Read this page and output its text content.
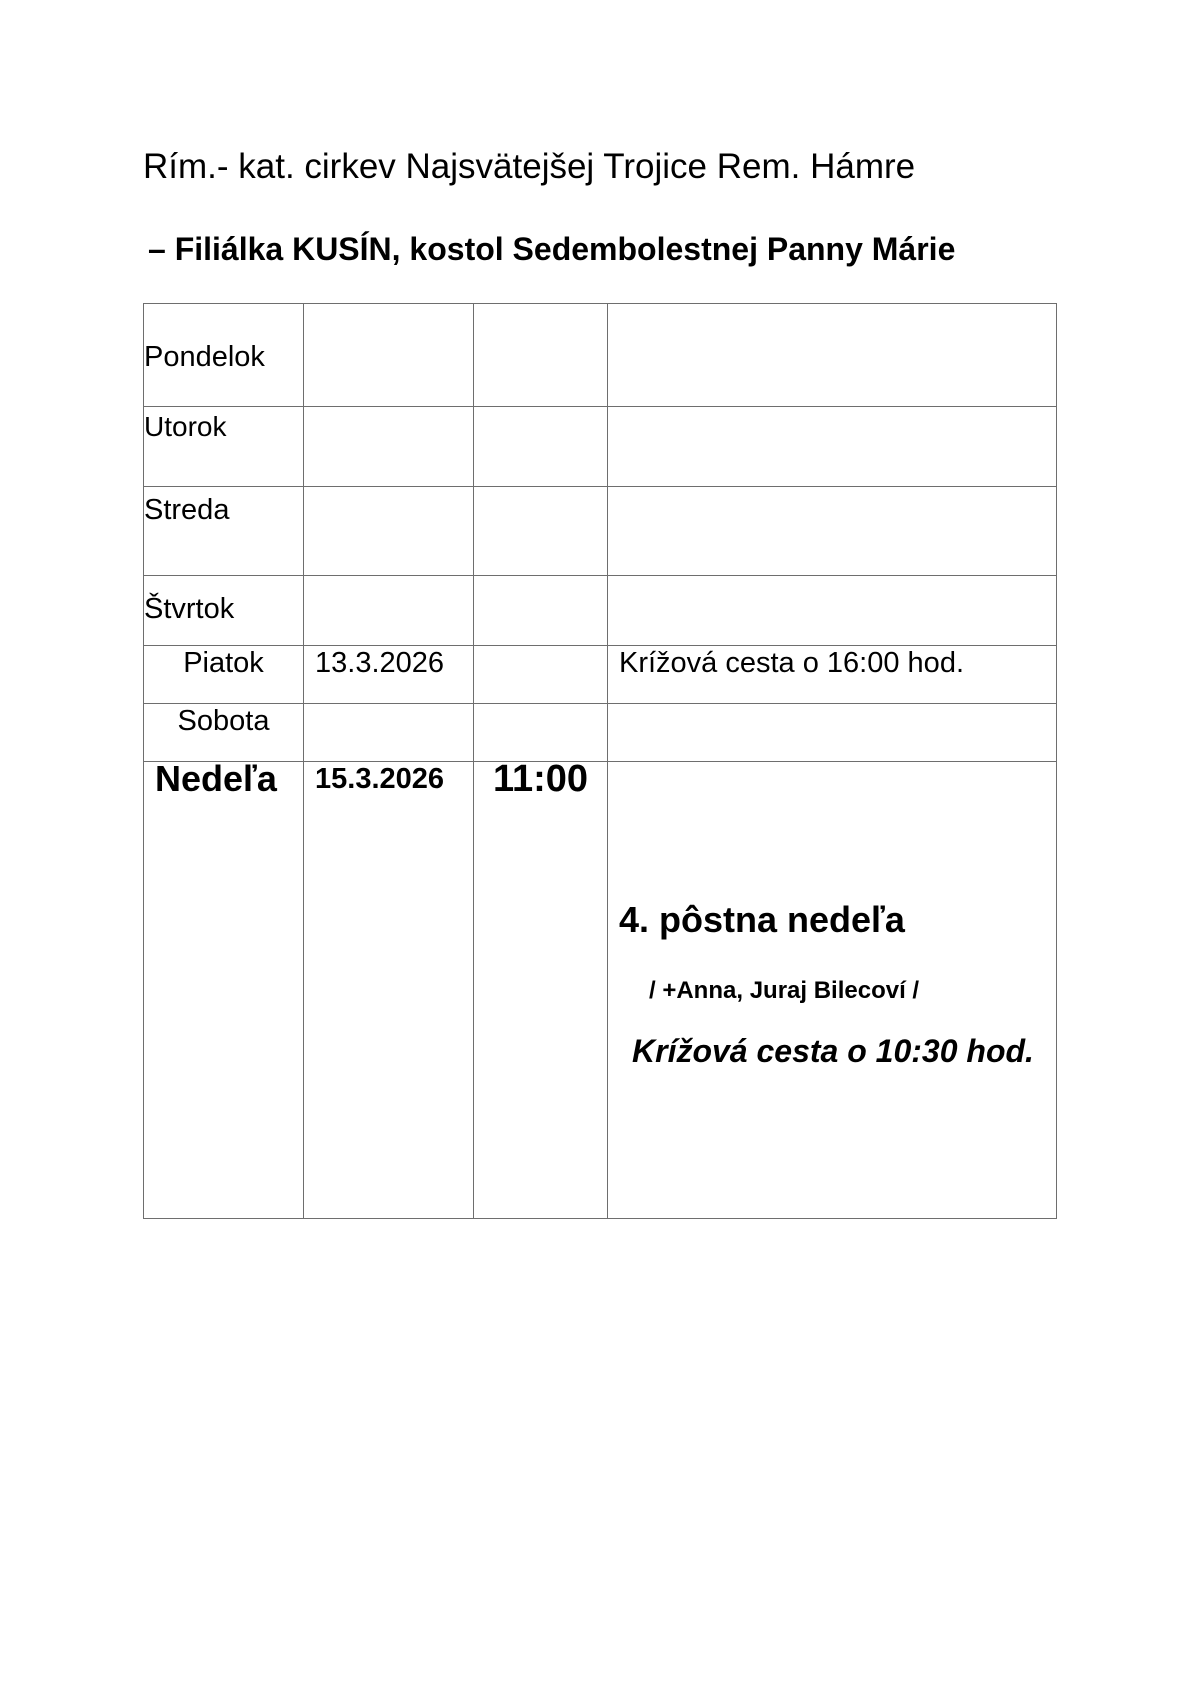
Rím.- kat. cirkev Najsvätejšej Trojice Rem. Hámre
– Filiálka KUSÍN, kostol Sedembolestnej Panny Márie
Pondelok			
Utorok			
Streda			
Štvrtok			
Piatok	13.3.2026		Krížová cesta o 16:00 hod.
Sobota			
Nedeľa	15.3.2026	11:00	4. pôstna nedeľa
/ +Anna, Juraj Bilecoví /
Krížová cesta o 10:30 hod.
